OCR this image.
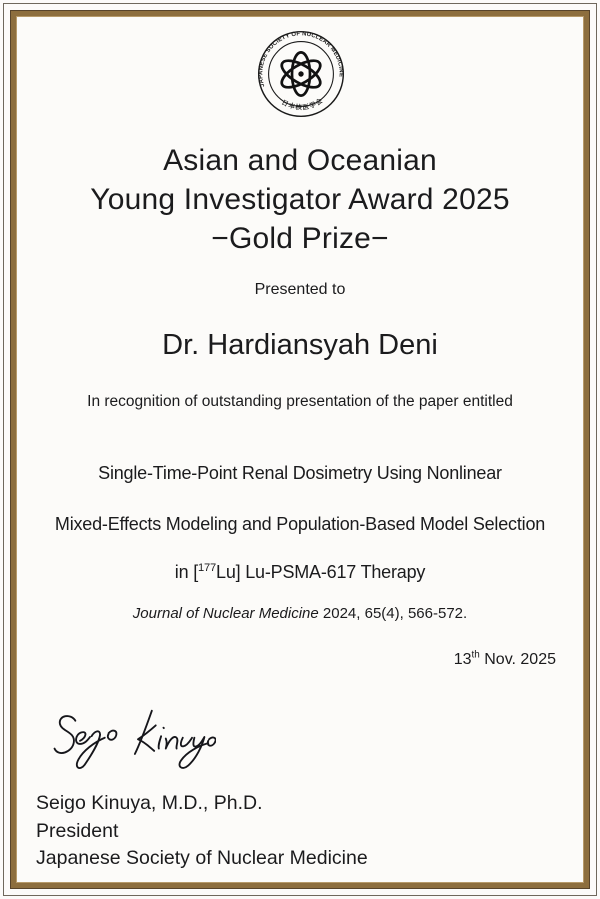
JAPANESE SOCIETY OF NUCLEAR MEDICINE
日本核医学会
Asian and Oceanian
Young Investigator Award 2025
−Gold Prize−
Presented to
Dr. Hardiansyah Deni
In recognition of outstanding presentation of the paper entitled
Single-Time-Point Renal Dosimetry Using Nonlinear
Mixed-Effects Modeling and Population-Based Model Selection
in [$^{177}$Lu] Lu-PSMA-617 Therapy
Journal of Nuclear Medicine 2024, 65(4), 566-572.
13th Nov. 2025
Seigo Kinuya, M.D., Ph.D.
President
Japanese Society of Nuclear Medicine
